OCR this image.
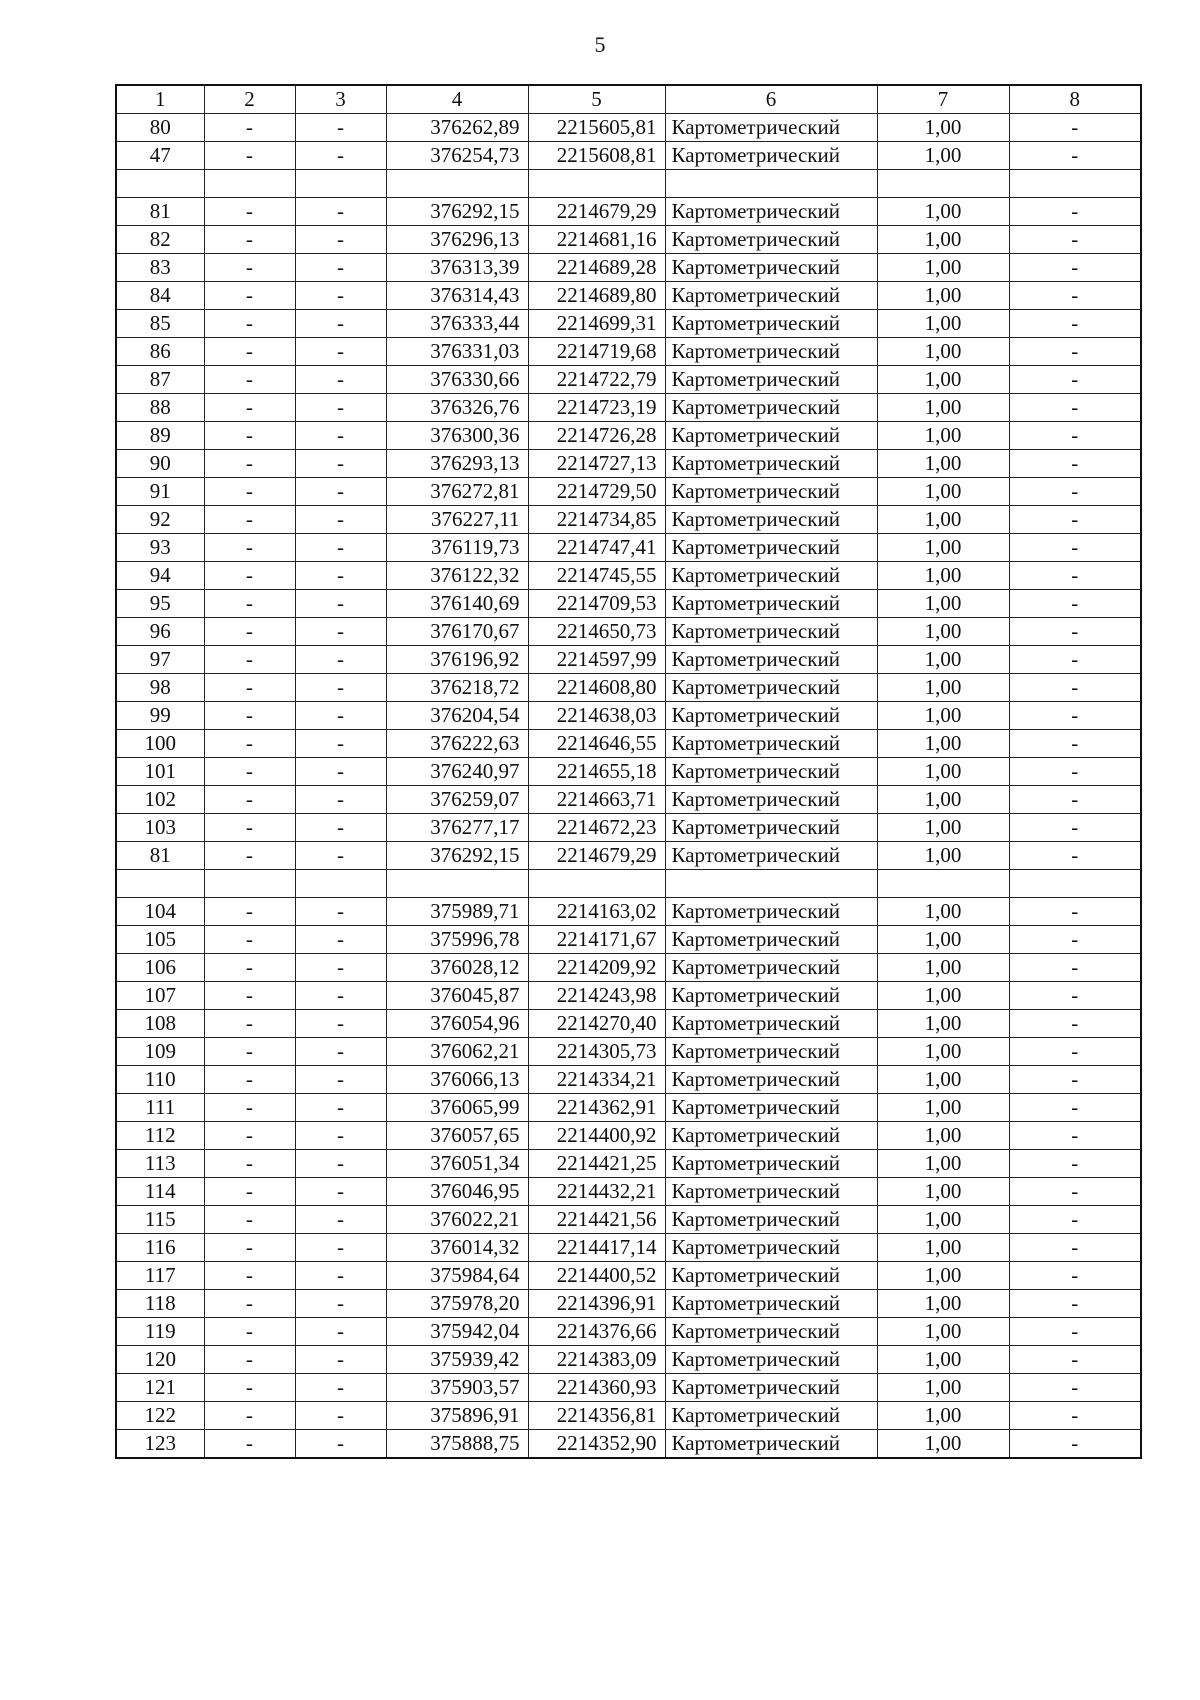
5
1	2	3	4	5	6	7	8
80	-	-	376262,89	2215605,81	Картометрический	1,00	-
47	-	-	376254,73	2215608,81	Картометрический	1,00	-

81	-	-	376292,15	2214679,29	Картометрический	1,00	-
82	-	-	376296,13	2214681,16	Картометрический	1,00	-
83	-	-	376313,39	2214689,28	Картометрический	1,00	-
84	-	-	376314,43	2214689,80	Картометрический	1,00	-
85	-	-	376333,44	2214699,31	Картометрический	1,00	-
86	-	-	376331,03	2214719,68	Картометрический	1,00	-
87	-	-	376330,66	2214722,79	Картометрический	1,00	-
88	-	-	376326,76	2214723,19	Картометрический	1,00	-
89	-	-	376300,36	2214726,28	Картометрический	1,00	-
90	-	-	376293,13	2214727,13	Картометрический	1,00	-
91	-	-	376272,81	2214729,50	Картометрический	1,00	-
92	-	-	376227,11	2214734,85	Картометрический	1,00	-
93	-	-	376119,73	2214747,41	Картометрический	1,00	-
94	-	-	376122,32	2214745,55	Картометрический	1,00	-
95	-	-	376140,69	2214709,53	Картометрический	1,00	-
96	-	-	376170,67	2214650,73	Картометрический	1,00	-
97	-	-	376196,92	2214597,99	Картометрический	1,00	-
98	-	-	376218,72	2214608,80	Картометрический	1,00	-
99	-	-	376204,54	2214638,03	Картометрический	1,00	-
100	-	-	376222,63	2214646,55	Картометрический	1,00	-
101	-	-	376240,97	2214655,18	Картометрический	1,00	-
102	-	-	376259,07	2214663,71	Картометрический	1,00	-
103	-	-	376277,17	2214672,23	Картометрический	1,00	-
81	-	-	376292,15	2214679,29	Картометрический	1,00	-

104	-	-	375989,71	2214163,02	Картометрический	1,00	-
105	-	-	375996,78	2214171,67	Картометрический	1,00	-
106	-	-	376028,12	2214209,92	Картометрический	1,00	-
107	-	-	376045,87	2214243,98	Картометрический	1,00	-
108	-	-	376054,96	2214270,40	Картометрический	1,00	-
109	-	-	376062,21	2214305,73	Картометрический	1,00	-
110	-	-	376066,13	2214334,21	Картометрический	1,00	-
111	-	-	376065,99	2214362,91	Картометрический	1,00	-
112	-	-	376057,65	2214400,92	Картометрический	1,00	-
113	-	-	376051,34	2214421,25	Картометрический	1,00	-
114	-	-	376046,95	2214432,21	Картометрический	1,00	-
115	-	-	376022,21	2214421,56	Картометрический	1,00	-
116	-	-	376014,32	2214417,14	Картометрический	1,00	-
117	-	-	375984,64	2214400,52	Картометрический	1,00	-
118	-	-	375978,20	2214396,91	Картометрический	1,00	-
119	-	-	375942,04	2214376,66	Картометрический	1,00	-
120	-	-	375939,42	2214383,09	Картометрический	1,00	-
121	-	-	375903,57	2214360,93	Картометрический	1,00	-
122	-	-	375896,91	2214356,81	Картометрический	1,00	-
123	-	-	375888,75	2214352,90	Картометрический	1,00	-
